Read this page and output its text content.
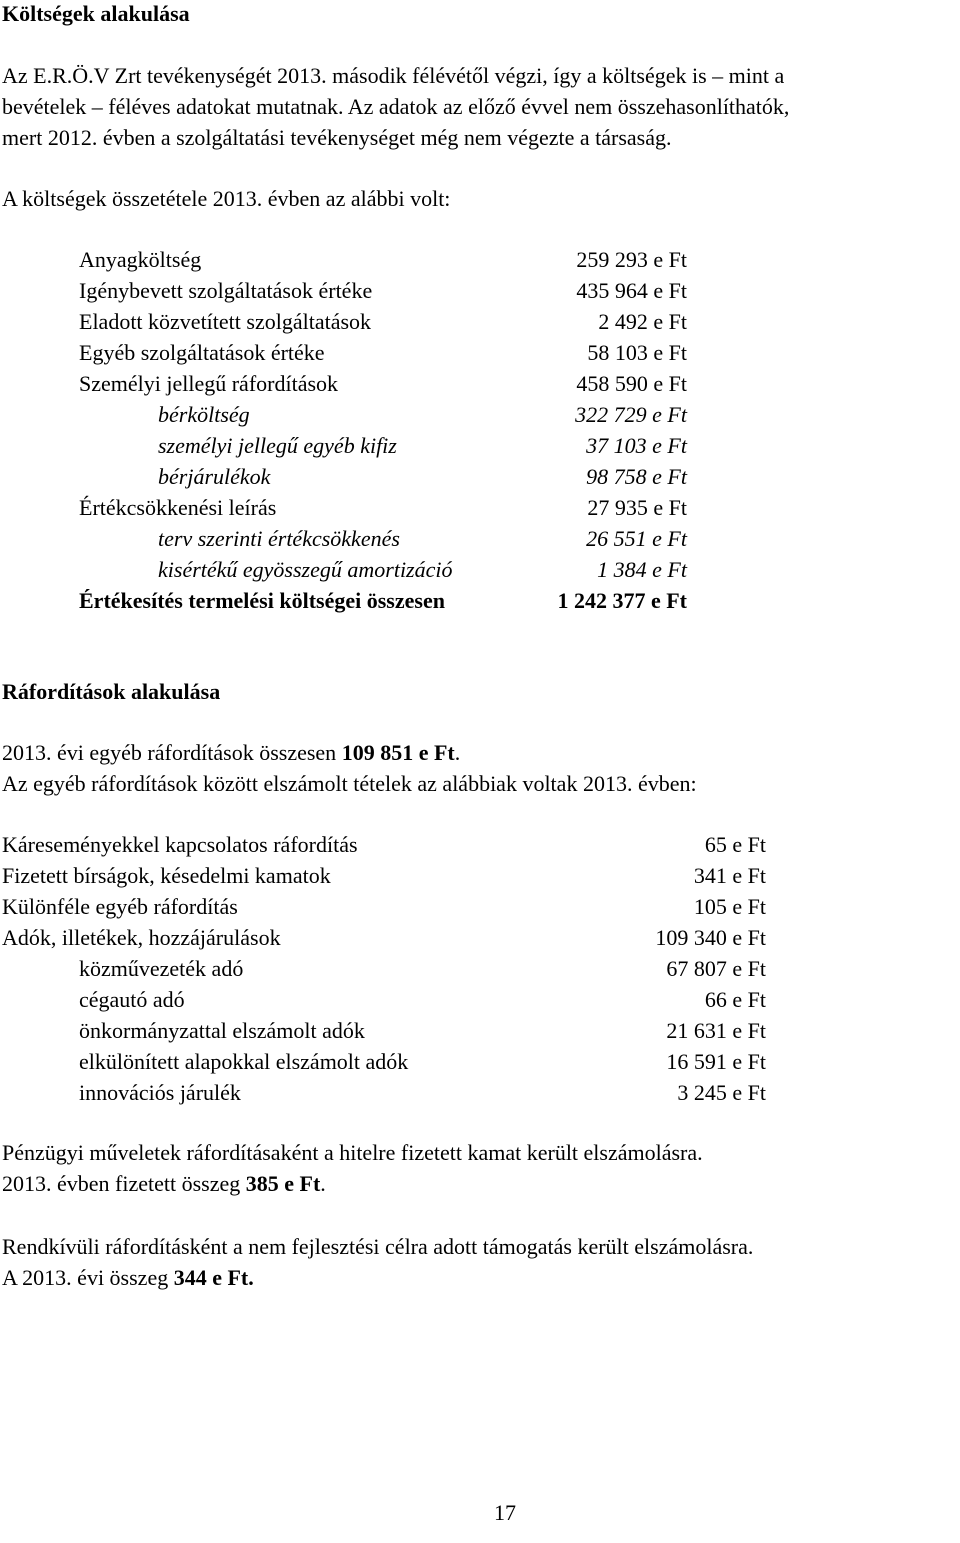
Költségek alakulása
Az E.R.Ö.V Zrt tevékenységét 2013. második félévétől végzi, így a költségek is – mint a
bevételek – féléves adatokat mutatnak. Az adatok az előző évvel nem összehasonlíthatók,
mert 2012. évben a szolgáltatási tevékenységet még nem végezte a társaság.
A költségek összetétele 2013. évben az alábbi volt:
Anyagköltség	259 293 e Ft
Igénybevett szolgáltatások értéke	435 964 e Ft
Eladott közvetített szolgáltatások	2 492 e Ft
Egyéb szolgáltatások értéke	58 103 e Ft
Személyi jellegű ráfordítások	458 590 e Ft
bérköltség	322 729 e Ft
személyi jellegű egyéb kifiz	37 103 e Ft
bérjárulékok	98 758 e Ft
Értékcsökkenési leírás	27 935 e Ft
terv szerinti értékcsökkenés	26 551 e Ft
kisértékű egyösszegű amortizáció	1 384 e Ft
Értékesítés termelési költségei összesen	1 242 377 e Ft
Ráfordítások alakulása
2013. évi egyéb ráfordítások összesen 109 851 e Ft.
Az egyéb ráfordítások között elszámolt tételek az alábbiak voltak 2013. évben:
Káreseményekkel kapcsolatos ráfordítás	65 e Ft
Fizetett bírságok, késedelmi kamatok	341 e Ft
Különféle egyéb ráfordítás	105 e Ft
Adók, illetékek, hozzájárulások	109 340 e Ft
közművezeték adó	67 807 e Ft
cégautó adó	66 e Ft
önkormányzattal elszámolt adók	21 631 e Ft
elkülönített alapokkal elszámolt adók	16 591 e Ft
innovációs járulék	3 245 e Ft
Pénzügyi műveletek ráfordításaként a hitelre fizetett kamat került elszámolásra.
2013. évben fizetett összeg 385 e Ft.
Rendkívüli ráfordításként a nem fejlesztési célra adott támogatás került elszámolásra.
A 2013. évi összeg 344 e Ft.
17
